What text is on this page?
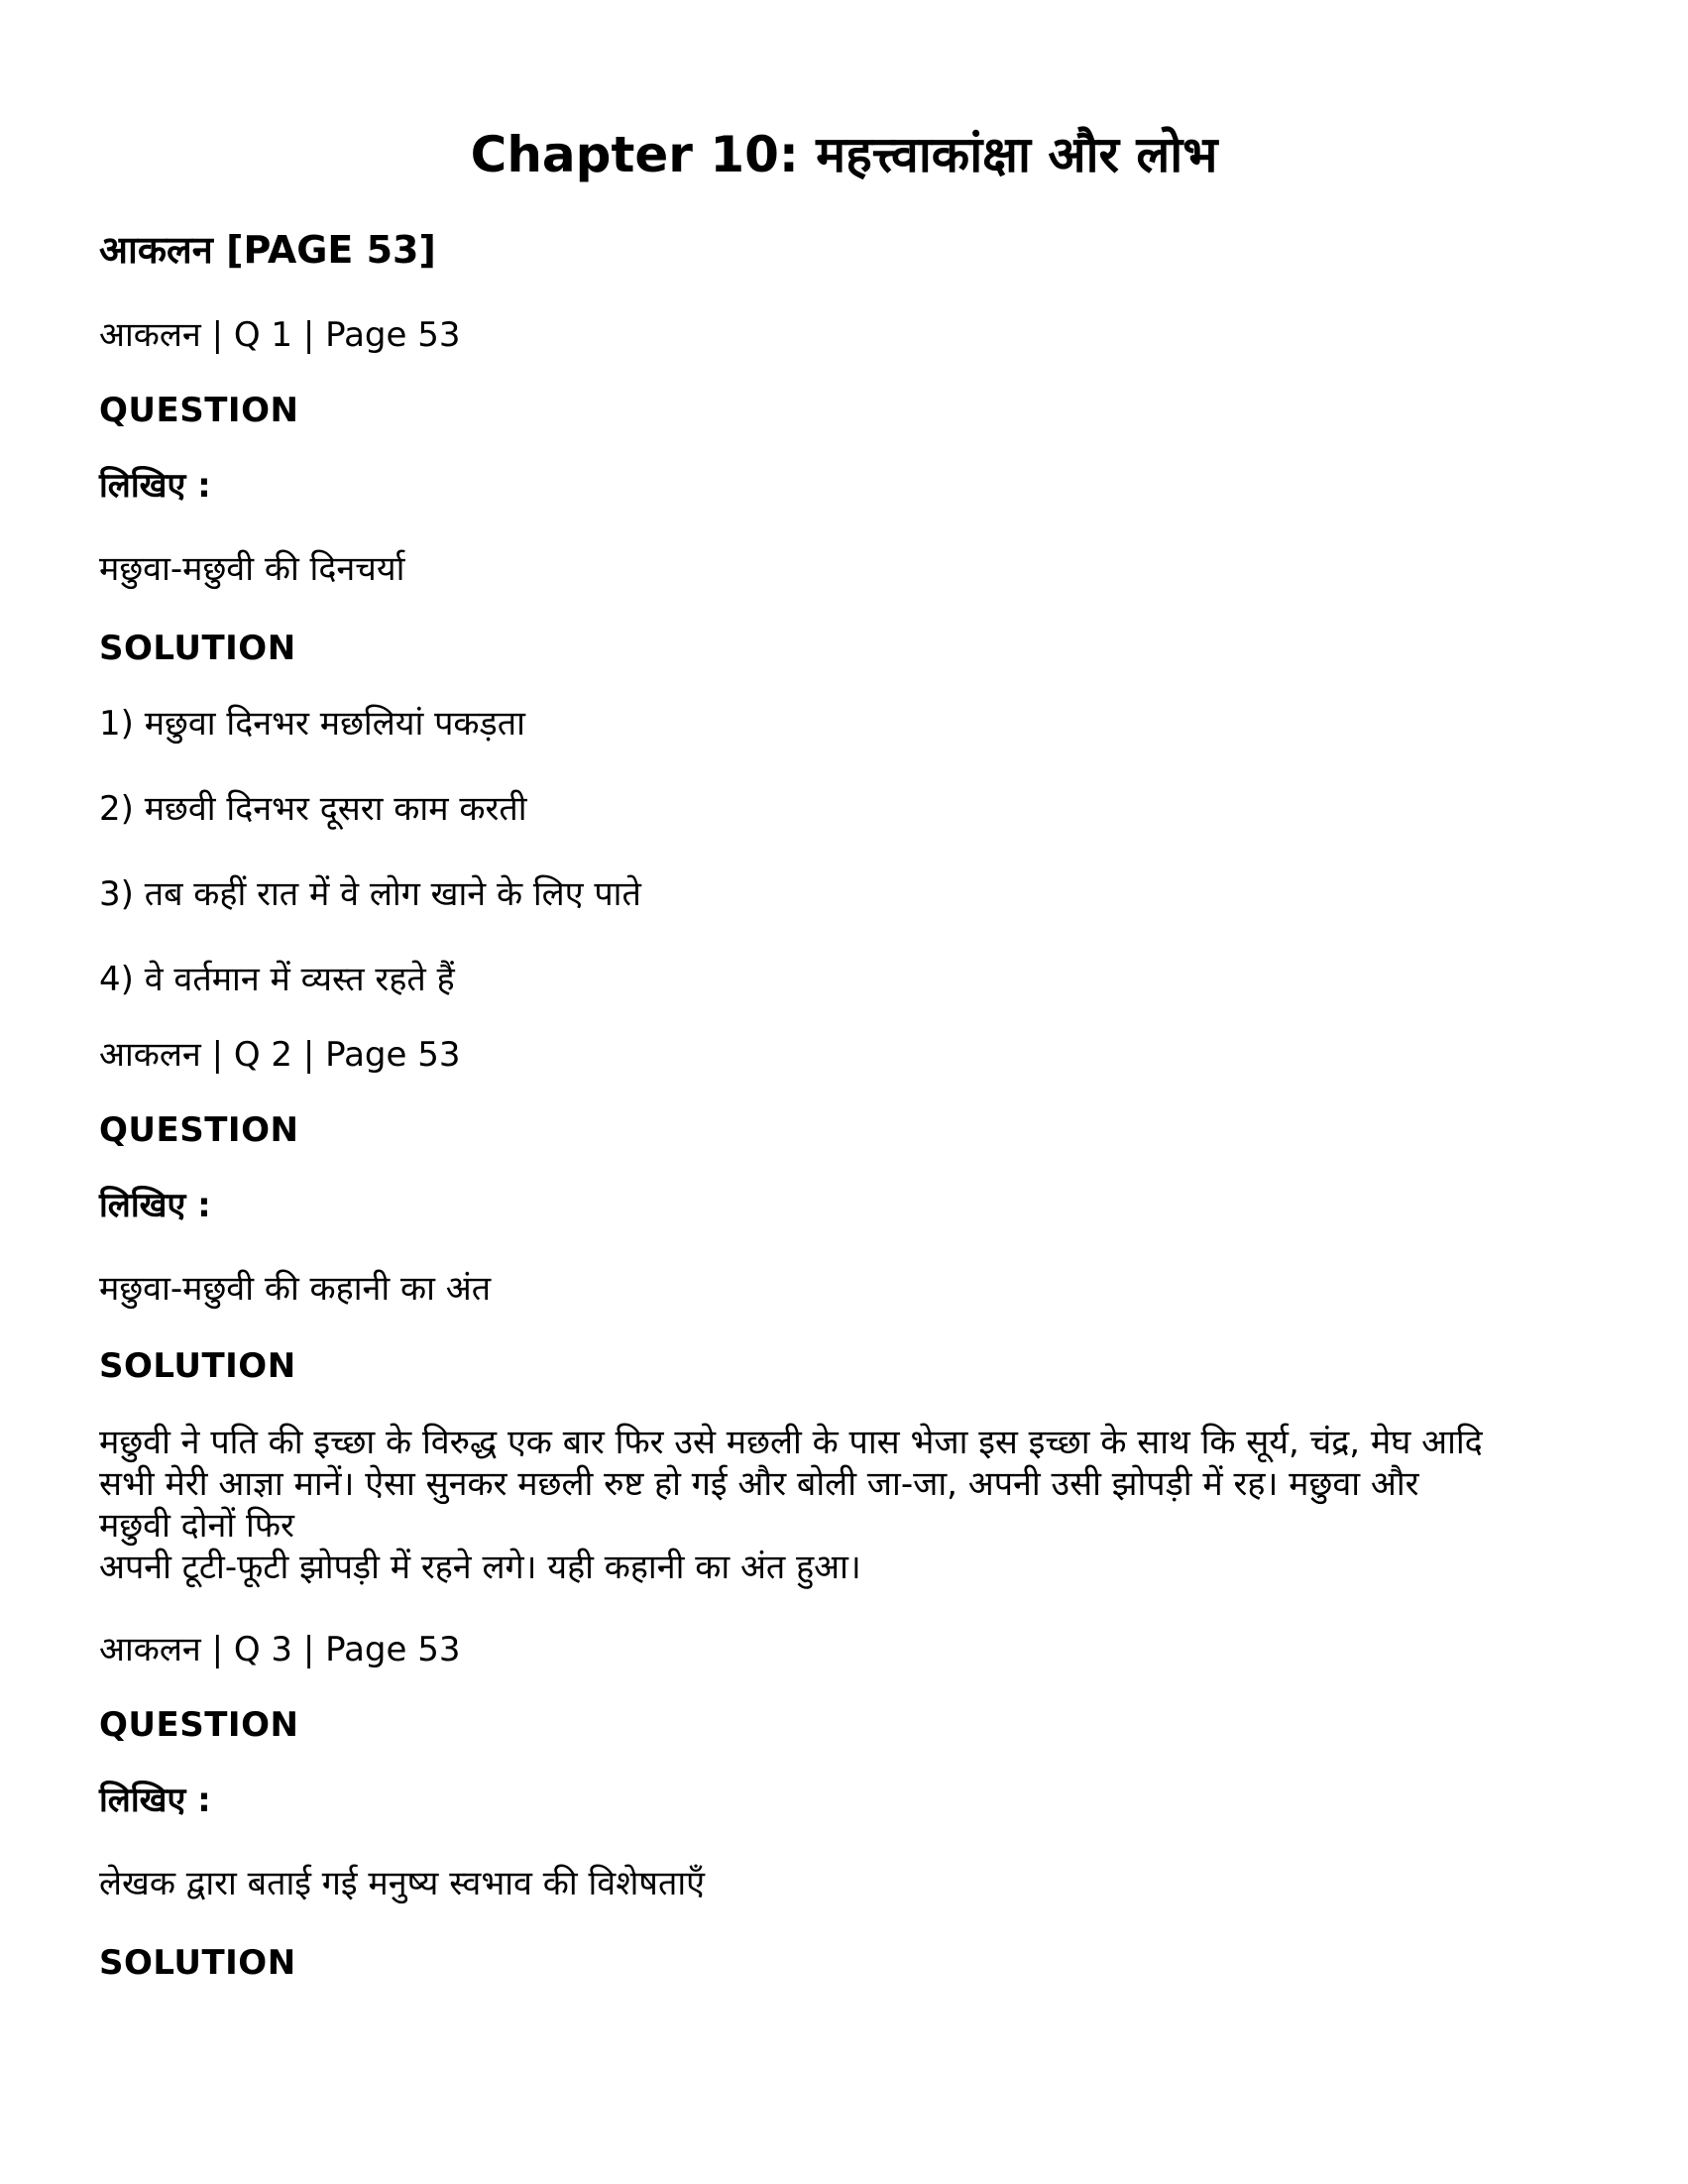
Chapter 10: महत्त्वाकांक्षा और लोभ
आकलन [PAGE 53]

आकलन | Q 1 | Page 53

QUESTION

लिखिए :

मछुवा-मछुवी की दिनचर्या

SOLUTION

1) मछुवा दिनभर मछलियां पकड़ता

2) मछवी दिनभर दूसरा काम करती

3) तब कहीं रात में वे लोग खाने के लिए पाते

4) वे वर्तमान में व्यस्त रहते हैं

आकलन | Q 2 | Page 53

QUESTION

लिखिए :

मछुवा-मछुवी की कहानी का अंत

SOLUTION

मछुवी ने पति की इच्छा के विरुद्ध एक बार फिर उसे मछली के पास भेजा इस इच्छा के साथ कि सूर्य, चंद्र, मेघ आदि
सभी मेरी आज्ञा मानें। ऐसा सुनकर मछली रुष्ट हो गई और बोली जा-जा, अपनी उसी झोपड़ी में रह। मछुवा और
मछुवी दोनों फिर
अपनी टूटी-फूटी झोपड़ी में रहने लगे। यही कहानी का अंत हुआ।

आकलन | Q 3 | Page 53

QUESTION

लिखिए :

लेखक द्वारा बताई गई मनुष्य स्वभाव की विशेषताएँ

SOLUTION
